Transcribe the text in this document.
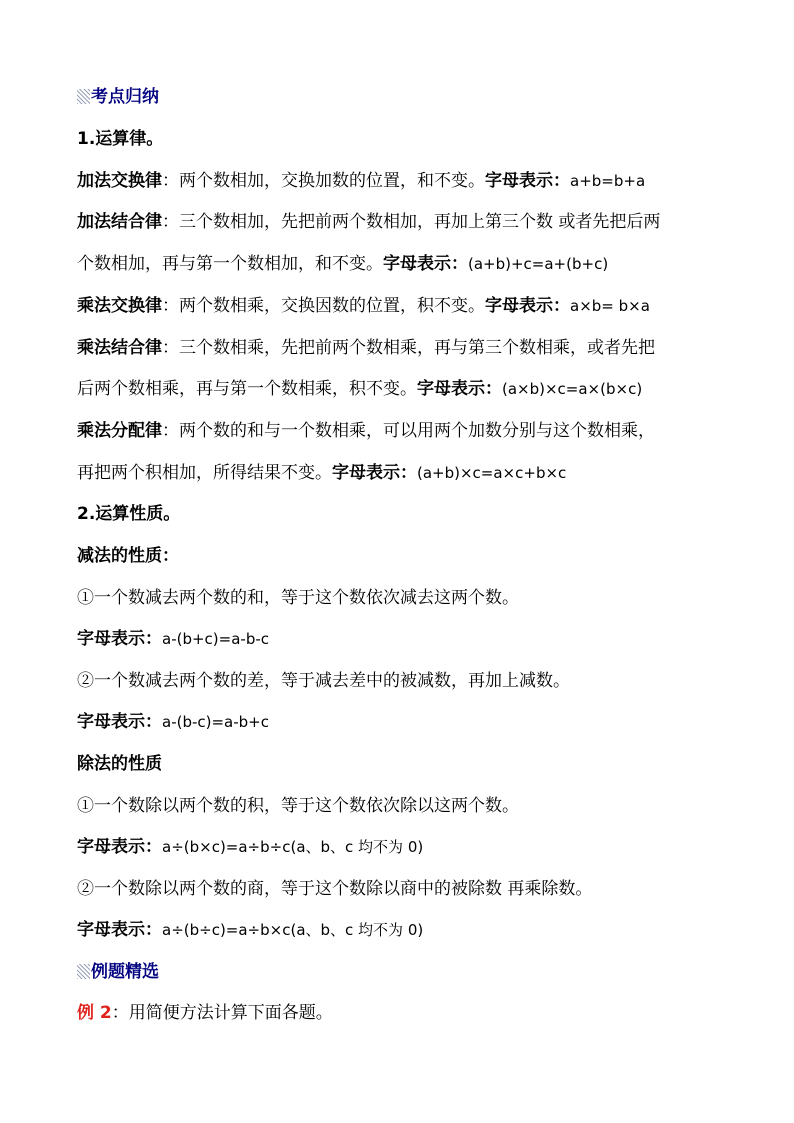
考点归纳
1.运算律。
加法交换律：两个数相加，交换加数的位置，和不变。字母表示：a+b=b+a
加法结合律：三个数相加，先把前两个数相加，再加上第三个数 或者先把后两
个数相加，再与第一个数相加，和不变。字母表示：(a+b)+c=a+(b+c)
乘法交换律：两个数相乘，交换因数的位置，积不变。字母表示：a×b= b×a
乘法结合律：三个数相乘，先把前两个数相乘，再与第三个数相乘，或者先把
后两个数相乘，再与第一个数相乘，积不变。字母表示：(a×b)×c=a×(b×c)
乘法分配律：两个数的和与一个数相乘，可以用两个加数分别与这个数相乘，
再把两个积相加，所得结果不变。字母表示：(a+b)×c=a×c+b×c
2.运算性质。
减法的性质：
①一个数减去两个数的和，等于这个数依次减去这两个数。
字母表示：a-(b+c)=a-b-c
②一个数减去两个数的差，等于减去差中的被减数，再加上减数。
字母表示：a-(b-c)=a-b+c
除法的性质
①一个数除以两个数的积，等于这个数依次除以这两个数。
字母表示：a÷(b×c)=a÷b÷c(a、b、c 均不为 0)
②一个数除以两个数的商，等于这个数除以商中的被除数 再乘除数。
字母表示：a÷(b÷c)=a÷b×c(a、b、c 均不为 0)
例题精选
例 2：用简便方法计算下面各题。
